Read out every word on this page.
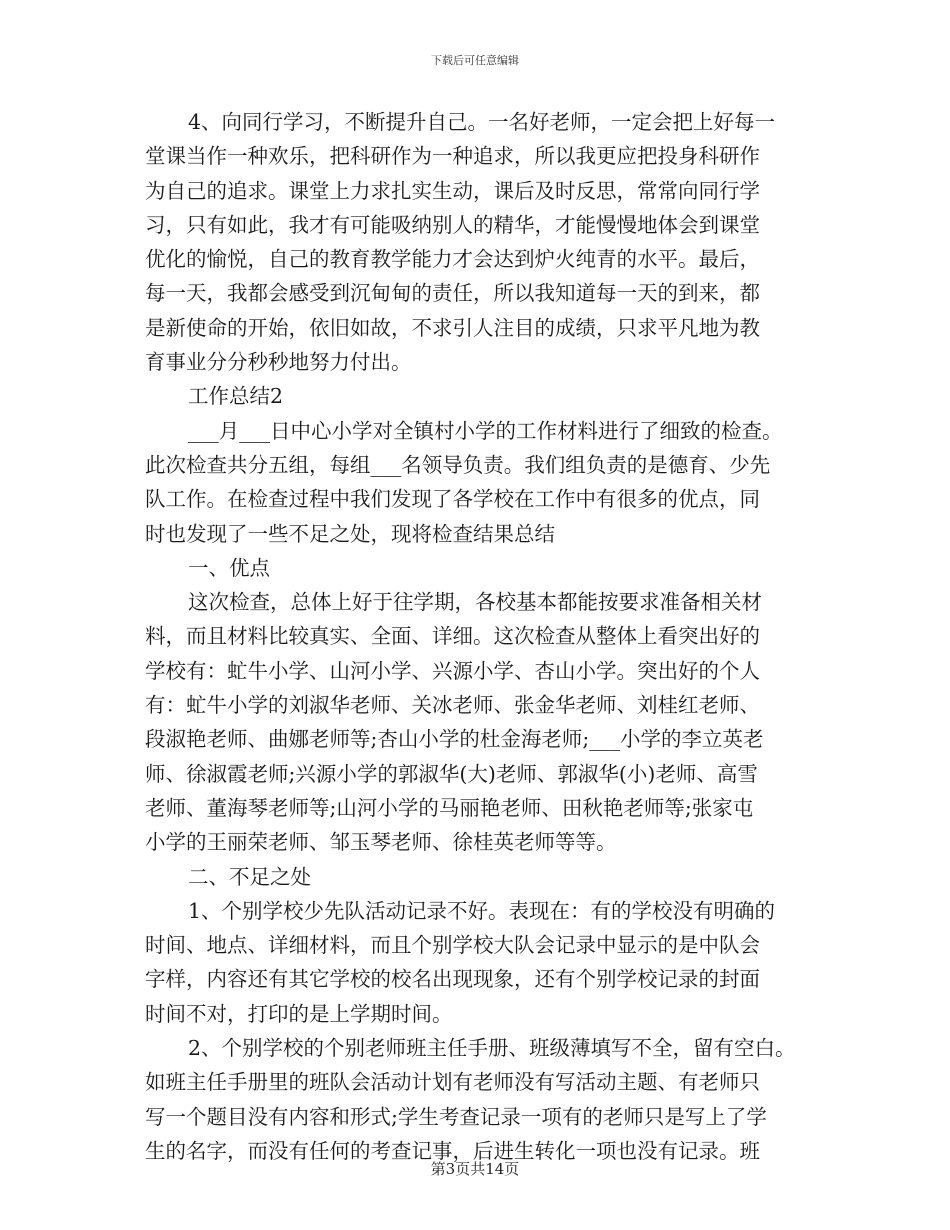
下载后可任意编辑
4、向同行学习，不断提升自己。一名好老师，一定会把上好每一
堂课当作一种欢乐，把科研作为一种追求，所以我更应把投身科研作
为自己的追求。课堂上力求扎实生动，课后及时反思，常常向同行学
习，只有如此，我才有可能吸纳别人的精华，才能慢慢地体会到课堂
优化的愉悦，自己的教育教学能力才会达到炉火纯青的水平。最后，
每一天，我都会感受到沉甸甸的责任，所以我知道每一天的到来，都
是新使命的开始，依旧如故，不求引人注目的成绩，只求平凡地为教
育事业分分秒秒地努力付出。
工作总结2
___月___日中心小学对全镇村小学的工作材料进行了细致的检查。
此次检查共分五组，每组___名领导负责。我们组负责的是德育、少先
队工作。在检查过程中我们发现了各学校在工作中有很多的优点，同
时也发现了一些不足之处，现将检查结果总结
一、优点
这次检查，总体上好于往学期，各校基本都能按要求准备相关材
料，而且材料比较真实、全面、详细。这次检查从整体上看突出好的
学校有：虻牛小学、山河小学、兴源小学、杏山小学。突出好的个人
有：虻牛小学的刘淑华老师、关冰老师、张金华老师、刘桂红老师、
段淑艳老师、曲娜老师等;杏山小学的杜金海老师;___小学的李立英老
师、徐淑霞老师;兴源小学的郭淑华(大)老师、郭淑华(小)老师、高雪
老师、董海琴老师等;山河小学的马丽艳老师、田秋艳老师等;张家屯
小学的王丽荣老师、邹玉琴老师、徐桂英老师等等。
二、不足之处
1、个别学校少先队活动记录不好。表现在：有的学校没有明确的
时间、地点、详细材料，而且个别学校大队会记录中显示的是中队会
字样，内容还有其它学校的校名出现现象，还有个别学校记录的封面
时间不对，打印的是上学期时间。
2、个别学校的个别老师班主任手册、班级薄填写不全，留有空白。
如班主任手册里的班队会活动计划有老师没有写活动主题、有老师只
写一个题目没有内容和形式;学生考查记录一项有的老师只是写上了学
生的名字，而没有任何的考查记事，后进生转化一项也没有记录。班
第3页共14页
